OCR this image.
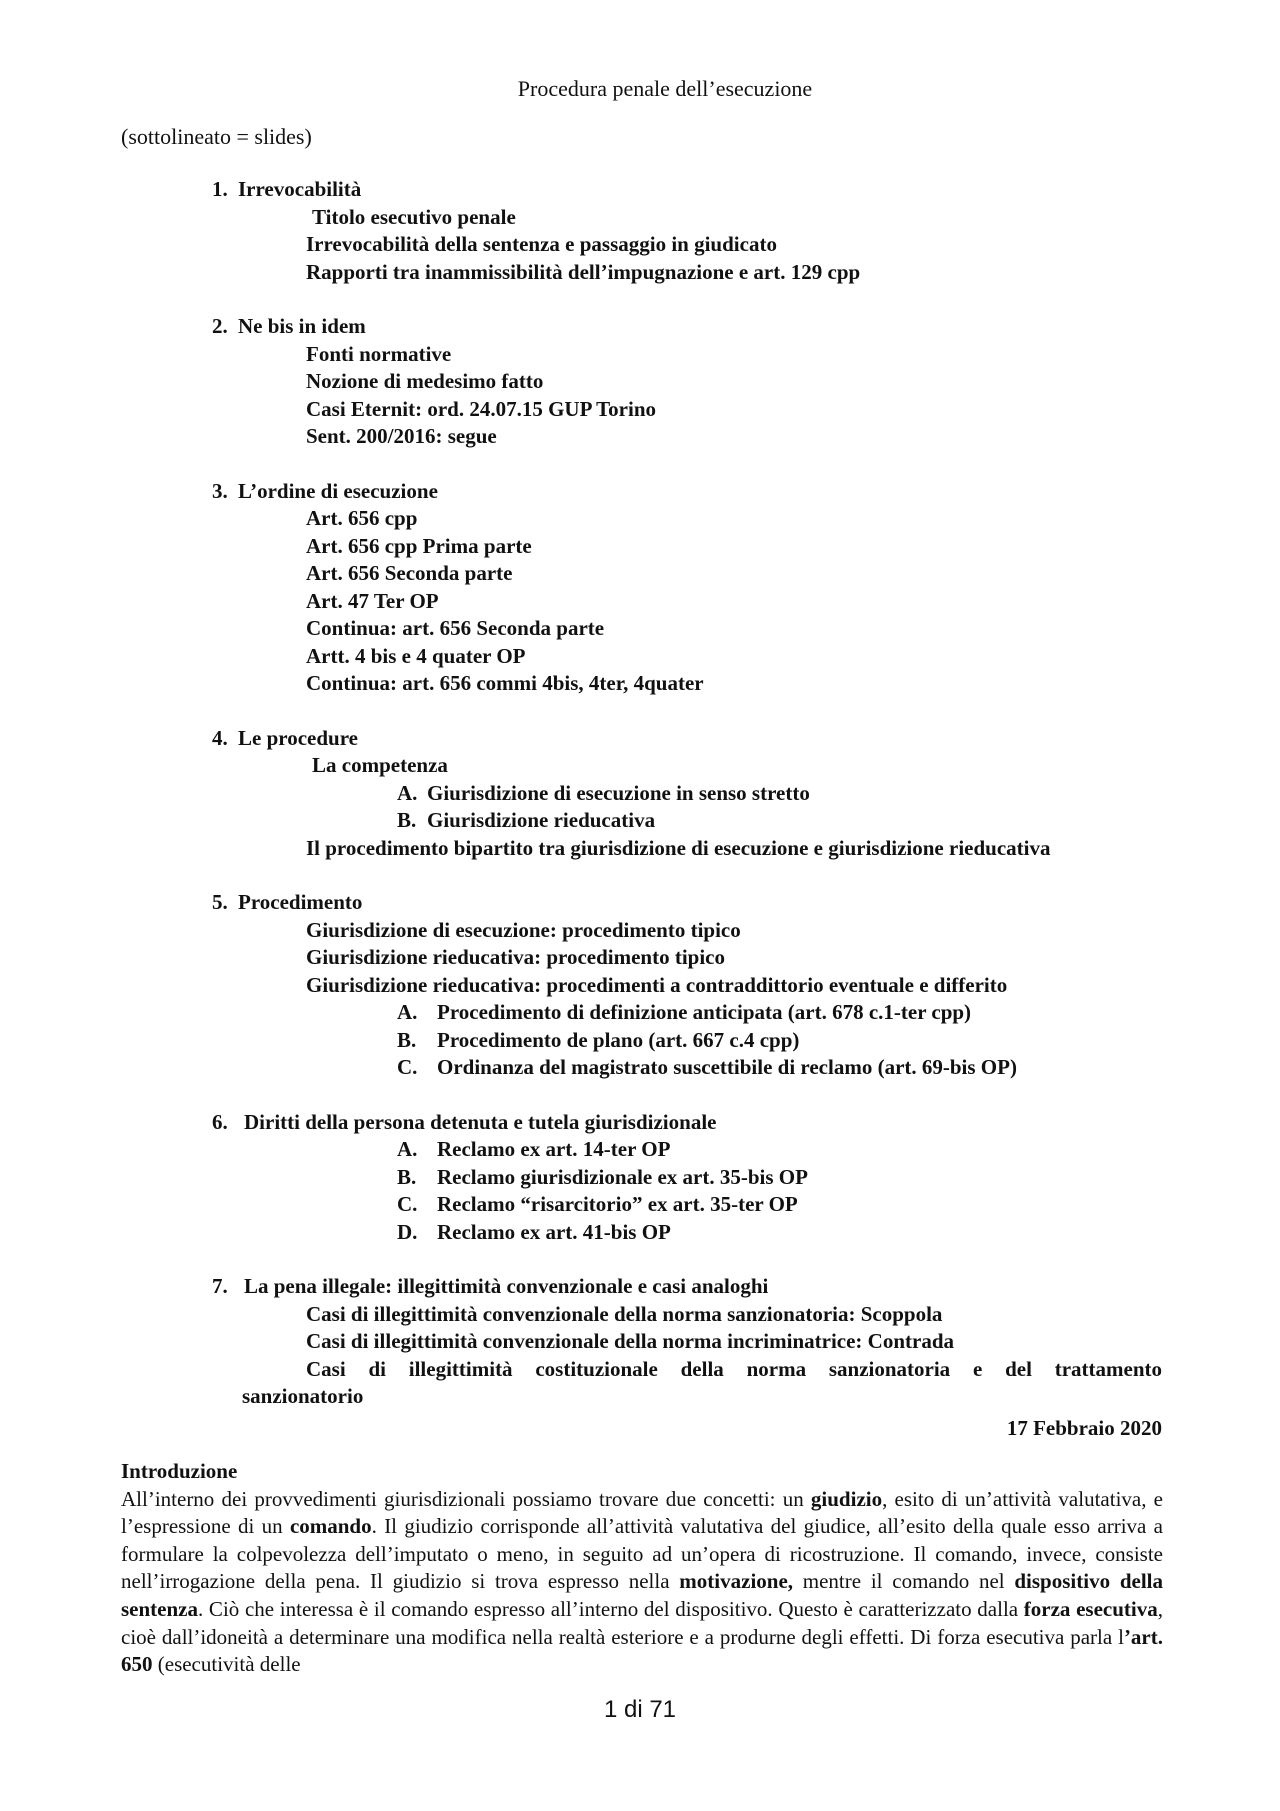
Procedura penale dell’esecuzione
(sottolineato = slides)
1. Irrevocabilità
Titolo esecutivo penale
Irrevocabilità della sentenza e passaggio in giudicato
Rapporti tra inammissibilità dell’impugnazione e art. 129 cpp
2. Ne bis in idem
Fonti normative
Nozione di medesimo fatto
Casi Eternit: ord. 24.07.15 GUP Torino
Sent. 200/2016: segue
3. L’ordine di esecuzione
Art. 656 cpp
Art. 656 cpp Prima parte
Art. 656 Seconda parte
Art. 47 Ter OP
Continua: art. 656 Seconda parte
Artt. 4 bis e 4 quater OP
Continua: art. 656 commi 4bis, 4ter, 4quater
4. Le procedure
La competenza
A. Giurisdizione di esecuzione in senso stretto
B. Giurisdizione rieducativa
Il procedimento bipartito tra giurisdizione di esecuzione e giurisdizione rieducativa
5. Procedimento
Giurisdizione di esecuzione: procedimento tipico
Giurisdizione rieducativa: procedimento tipico
Giurisdizione rieducativa: procedimenti a contraddittorio eventuale e differito
A. Procedimento di definizione anticipata (art. 678 c.1-ter cpp)
B. Procedimento de plano (art. 667 c.4 cpp)
C. Ordinanza del magistrato suscettibile di reclamo (art. 69-bis OP)
6. Diritti della persona detenuta e tutela giurisdizionale
A. Reclamo ex art. 14-ter OP
B. Reclamo giurisdizionale ex art. 35-bis OP
C. Reclamo “risarcitorio” ex art. 35-ter OP
D. Reclamo ex art. 41-bis OP
7. La pena illegale: illegittimità convenzionale e casi analoghi
Casi di illegittimità convenzionale della norma sanzionatoria: Scoppola
Casi di illegittimità convenzionale della norma incriminatrice: Contrada
Casi di illegittimità costituzionale della norma sanzionatoria e del trattamento
sanzionatorio
17 Febbraio 2020
Introduzione

All’interno dei provvedimenti giurisdizionali possiamo trovare due concetti: un giudizio, esito di un’attività valutativa, e l’espressione di un comando. Il giudizio corrisponde all’attività valutativa del giudice, all’esito della quale esso arriva a formulare la colpevolezza dell’imputato o meno, in seguito ad un’opera di ricostruzione. Il comando, invece, consiste nell’irrogazione della pena. Il giudizio si trova espresso nella motivazione, mentre il comando nel dispositivo della sentenza. Ciò che interessa è il comando espresso all’interno del dispositivo. Questo è caratterizzato dalla forza esecutiva, cioè dall’idoneità a determinare una modifica nella realtà esteriore e a produrne degli effetti. Di forza esecutiva parla l’art. 650 (esecutività delle

1 di 71
